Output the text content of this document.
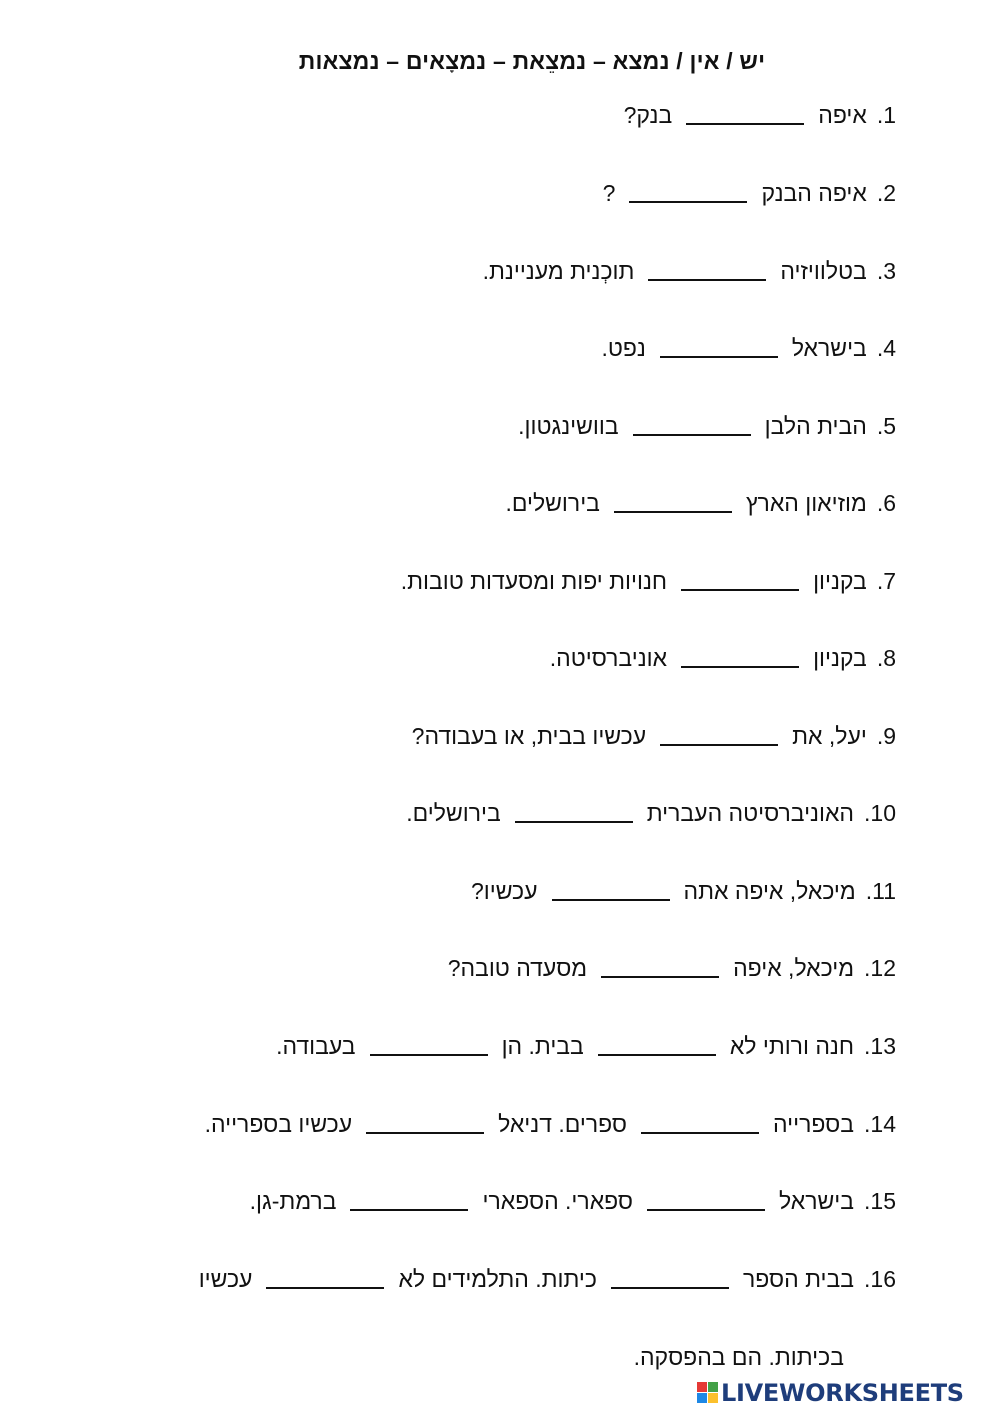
יש / אין / נמצא – נמצֵאת – נמצָאים – נמצאות
1.איפהבנק?
2.איפה הבנק?
3.בטלוויזיהתוכְנית מעניינת.
4.בישראלנפט.
5.הבית הלבןבוושינגטון.
6.מוזיאון הארץבירושלים.
7.בקניוןחנויות יפות ומסעדות טובות.
8.בקניוןאוניברסיטה.
9.יעל, אתעכשיו בבית, או בעבודה?
10.האוניברסיטה העבריתבירושלים.
11.מיכאל, איפה אתהעכשיו?
12.מיכאל, איפהמסעדה טובה?
13.חנה ורותי לאבבית. הןבעבודה.
14.בספרייהספרים. דניאלעכשיו בספרייה.
15.בישראלספארי. הספאריברמת-גן.
16.בבית הספרכיתות. התלמידים לאעכשיו
בכיתות. הם בהפסקה.
LIVEWORKSHEETS
